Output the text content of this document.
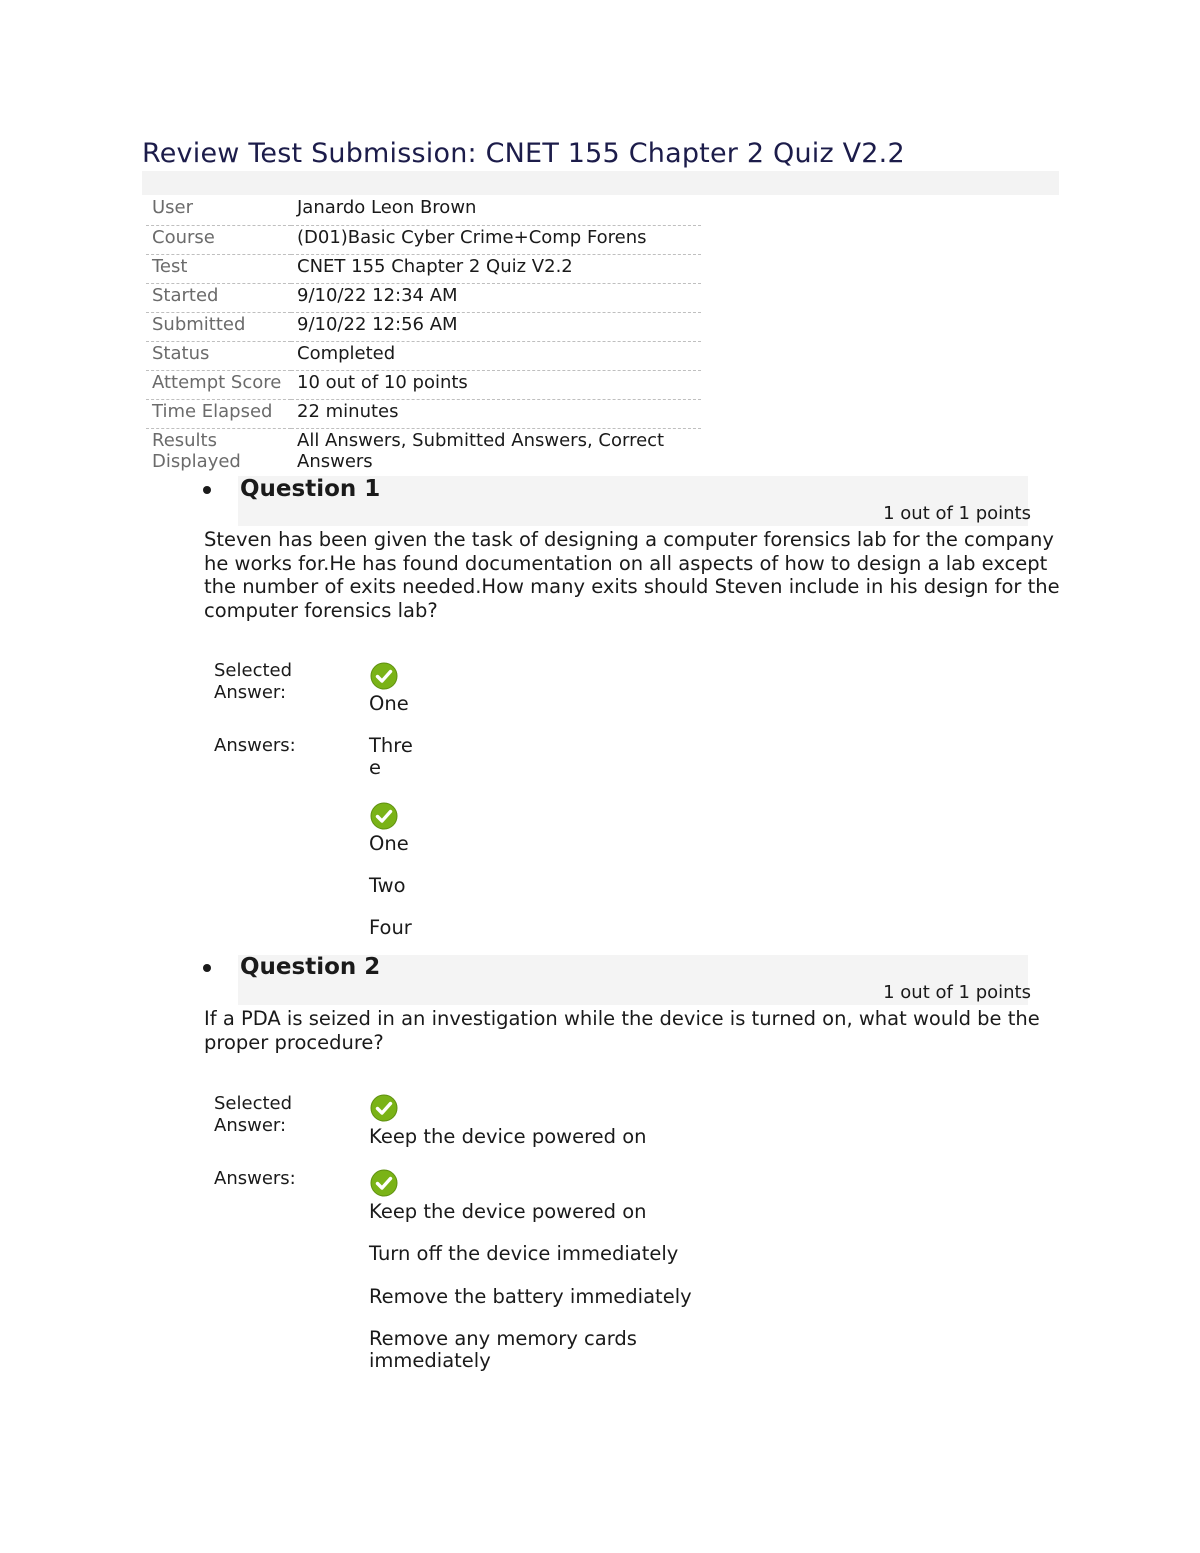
Review Test Submission: CNET 155 Chapter 2 Quiz V2.2
User	Janardo Leon Brown
Course	(D01)Basic Cyber Crime+Comp Forens
Test	CNET 155 Chapter 2 Quiz V2.2
Started	9/10/22 12:34 AM
Submitted	9/10/22 12:56 AM
Status	Completed
Attempt Score	10 out of 10 points
Time Elapsed	22 minutes
Results Displayed	All Answers, Submitted Answers, Correct Answers
Question 1
1 out of 1 points
Steven has been given the task of designing a computer forensics lab for the company he works for.He has found documentation on all aspects of how to design a lab except the number of exits needed.How many exits should Steven include in his design for the computer forensics lab?
Selected Answer:	One
Answers:	Three
One
Two
Four
Question 2
1 out of 1 points
If a PDA is seized in an investigation while the device is turned on, what would be the proper procedure?
Selected Answer:	Keep the device powered on
Answers:
Keep the device powered on
Turn off the device immediately
Remove the battery immediately
Remove any memory cards immediately
